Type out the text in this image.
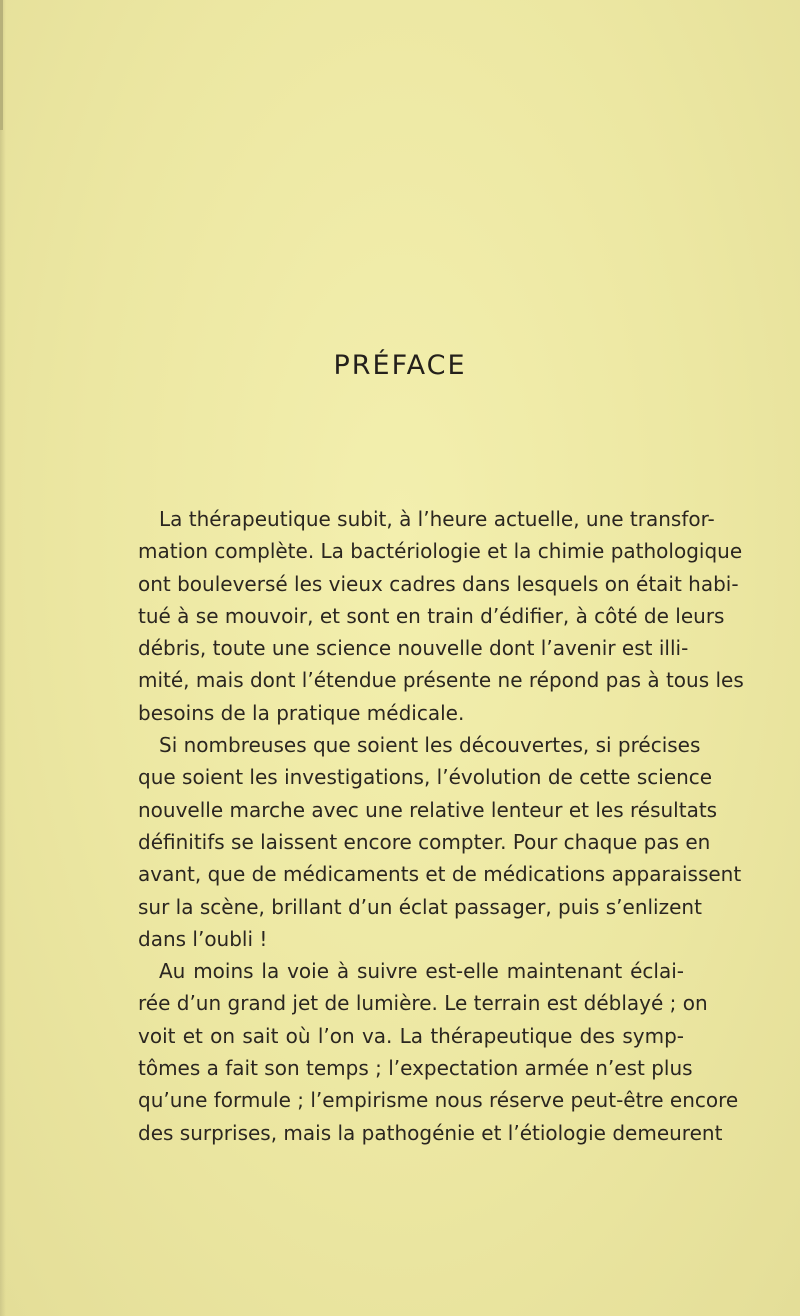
PRÉFACE
La thérapeutique subit, à l’heure actuelle, une transfor-
mation complète. La bactériologie et la chimie pathologique
ont bouleversé les vieux cadres dans lesquels on était habi-
tué à se mouvoir, et sont en train d’édifier, à côté de leurs
débris, toute une science nouvelle dont l’avenir est illi-
mité, mais dont l’étendue présente ne répond pas à tous les
besoins de la pratique médicale.
Si nombreuses que soient les découvertes, si précises
que soient les investigations, l’évolution de cette science
nouvelle marche avec une relative lenteur et les résultats
définitifs se laissent encore compter. Pour chaque pas en
avant, que de médicaments et de médications apparaissent
sur la scène, brillant d’un éclat passager, puis s’enlizent
dans l’oubli !
Au moins la voie à suivre est-elle maintenant éclai-
rée d’un grand jet de lumière. Le terrain est déblayé ; on
voit et on sait où l’on va. La thérapeutique des symp-
tômes a fait son temps ; l’expectation armée n’est plus
qu’une formule ; l’empirisme nous réserve peut-être encore
des surprises, mais la pathogénie et l’étiologie demeurent
